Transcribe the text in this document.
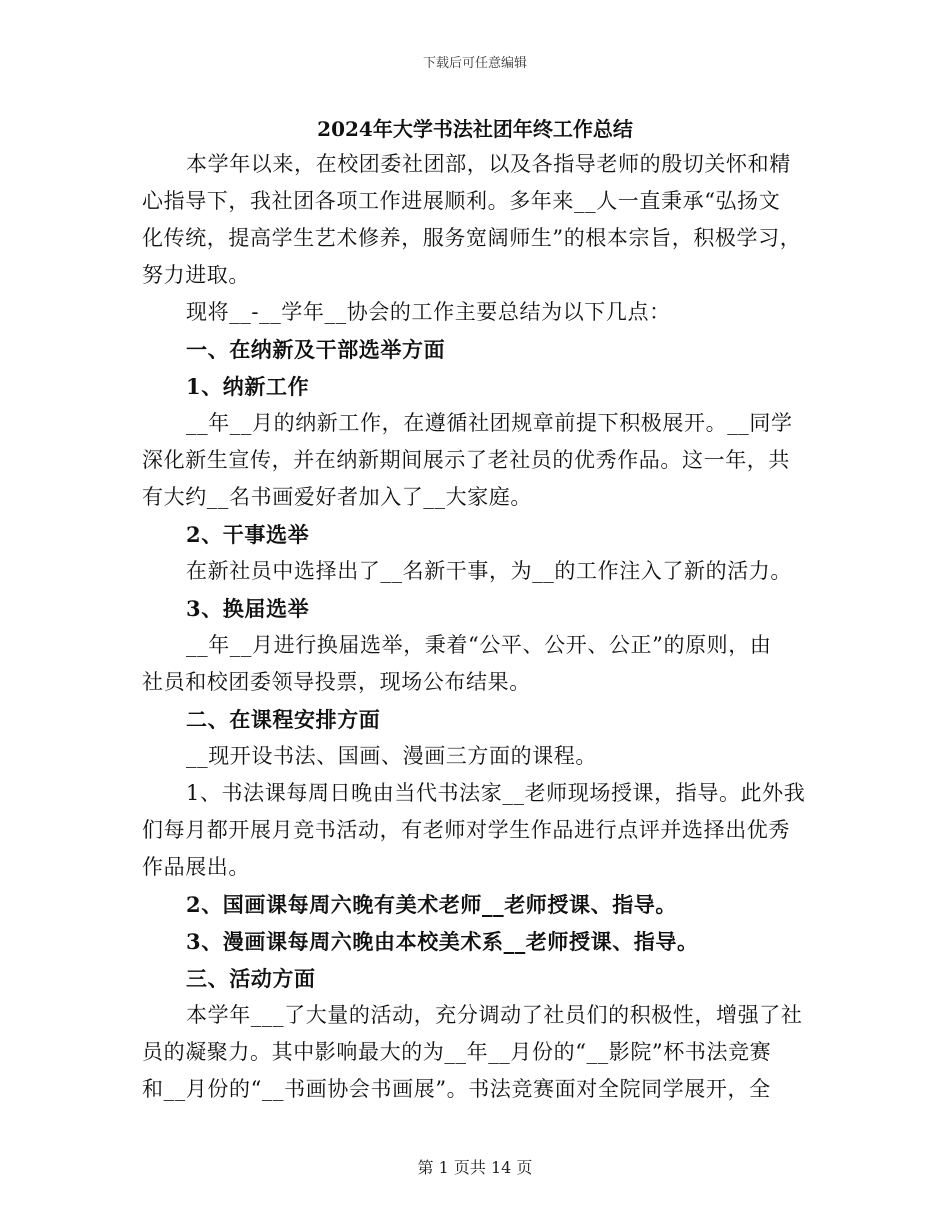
下载后可任意编辑
2024年大学书法社团年终工作总结
本学年以来，在校团委社团部，以及各指导老师的殷切关怀和精
心指导下，我社团各项工作进展顺利。多年来__人一直秉承“弘扬文
化传统，提高学生艺术修养，服务宽阔师生”的根本宗旨，积极学习，
努力进取。
现将__-__学年__协会的工作主要总结为以下几点：
一、在纳新及干部选举方面
1、纳新工作
__年__月的纳新工作，在遵循社团规章前提下积极展开。__同学
深化新生宣传，并在纳新期间展示了老社员的优秀作品。这一年，共
有大约__名书画爱好者加入了__大家庭。
2、干事选举
在新社员中选择出了__名新干事，为__的工作注入了新的活力。
3、换届选举
__年__月进行换届选举，秉着“公平、公开、公正”的原则，由
社员和校团委领导投票，现场公布结果。
二、在课程安排方面
__现开设书法、国画、漫画三方面的课程。
1、书法课每周日晚由当代书法家__老师现场授课，指导。此外我
们每月都开展月竞书活动，有老师对学生作品进行点评并选择出优秀
作品展出。
2、国画课每周六晚有美术老师__老师授课、指导。
3、漫画课每周六晚由本校美术系__老师授课、指导。
三、活动方面
本学年___了大量的活动，充分调动了社员们的积极性，增强了社
员的凝聚力。其中影响最大的为__年__月份的“__影院”杯书法竞赛
和__月份的“__书画协会书画展”。书法竞赛面对全院同学展开，全
第 1 页共 14 页
